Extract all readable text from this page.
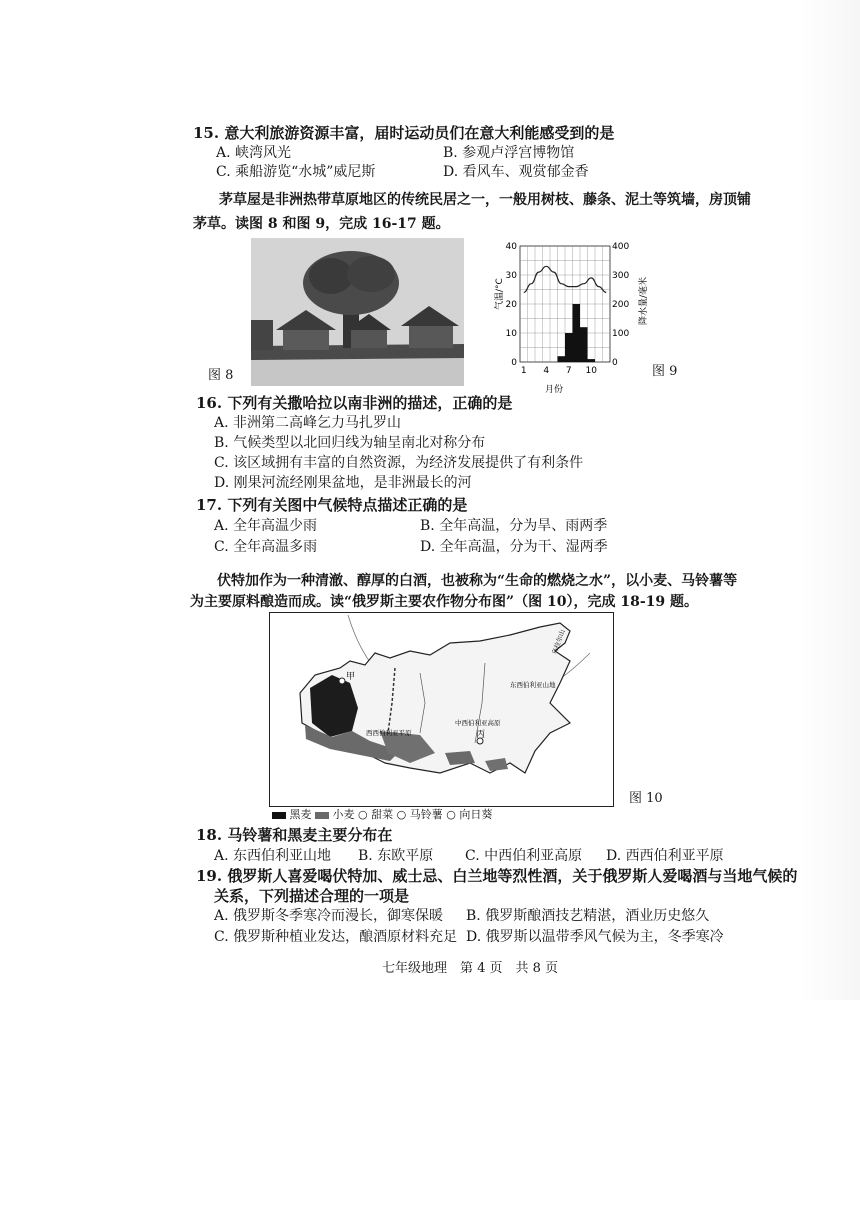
15. 意大利旅游资源丰富，届时运动员们在意大利能感受到的是
A. 峡湾风光	B. 参观卢浮宫博物馆
C. 乘船游览“水城”威尼斯	D. 看风车、观赏郁金香
茅草屋是非洲热带草原地区的传统民居之一，一般用树枝、藤条、泥土等筑墙，房顶铺
茅草。读图 8 和图 9，完成 16-17 题。
图 8
0
10
20
30
40
0
100
200
300
400
1 4 7 10
气温/°C	降水量/毫米
月份
图 9
16. 下列有关撒哈拉以南非洲的描述，正确的是
A. 非洲第二高峰乞力马扎罗山
B. 气候类型以北回归线为轴呈南北对称分布
C. 该区域拥有丰富的自然资源，为经济发展提供了有利条件
D. 刚果河流经刚果盆地，是非洲最长的河
17. 下列有关图中气候特点描述正确的是
A. 全年高温少雨	B. 全年高温，分为旱、雨两季
C. 全年高温多雨	D. 全年高温，分为干、湿两季
伏特加作为一种清澈、醇厚的白酒，也被称为“生命的燃烧之水”，以小麦、马铃薯等
为主要原料酿造而成。读“俄罗斯主要农作物分布图”（图 10），完成 18-19 题。
甲
丙
西西伯利亚平原
中西伯利亚高原
东西伯利亚山地
乌拉尔山
图 10
黑麦 小麦 ○ 甜菜 ○ 马铃薯 ○ 向日葵
18. 马铃薯和黑麦主要分布在
A. 东西伯利亚山地 B. 东欧平原 C. 中西伯利亚高原 D. 西西伯利亚平原
19. 俄罗斯人喜爱喝伏特加、威士忌、白兰地等烈性酒，关于俄罗斯人爱喝酒与当地气候的
关系，下列描述合理的一项是
A. 俄罗斯冬季寒冷而漫长，御寒保暖 B. 俄罗斯酿酒技艺精湛，酒业历史悠久
C. 俄罗斯种植业发达，酿酒原材料充足 D. 俄罗斯以温带季风气候为主，冬季寒冷
七年级地理　第 4 页　共 8 页
